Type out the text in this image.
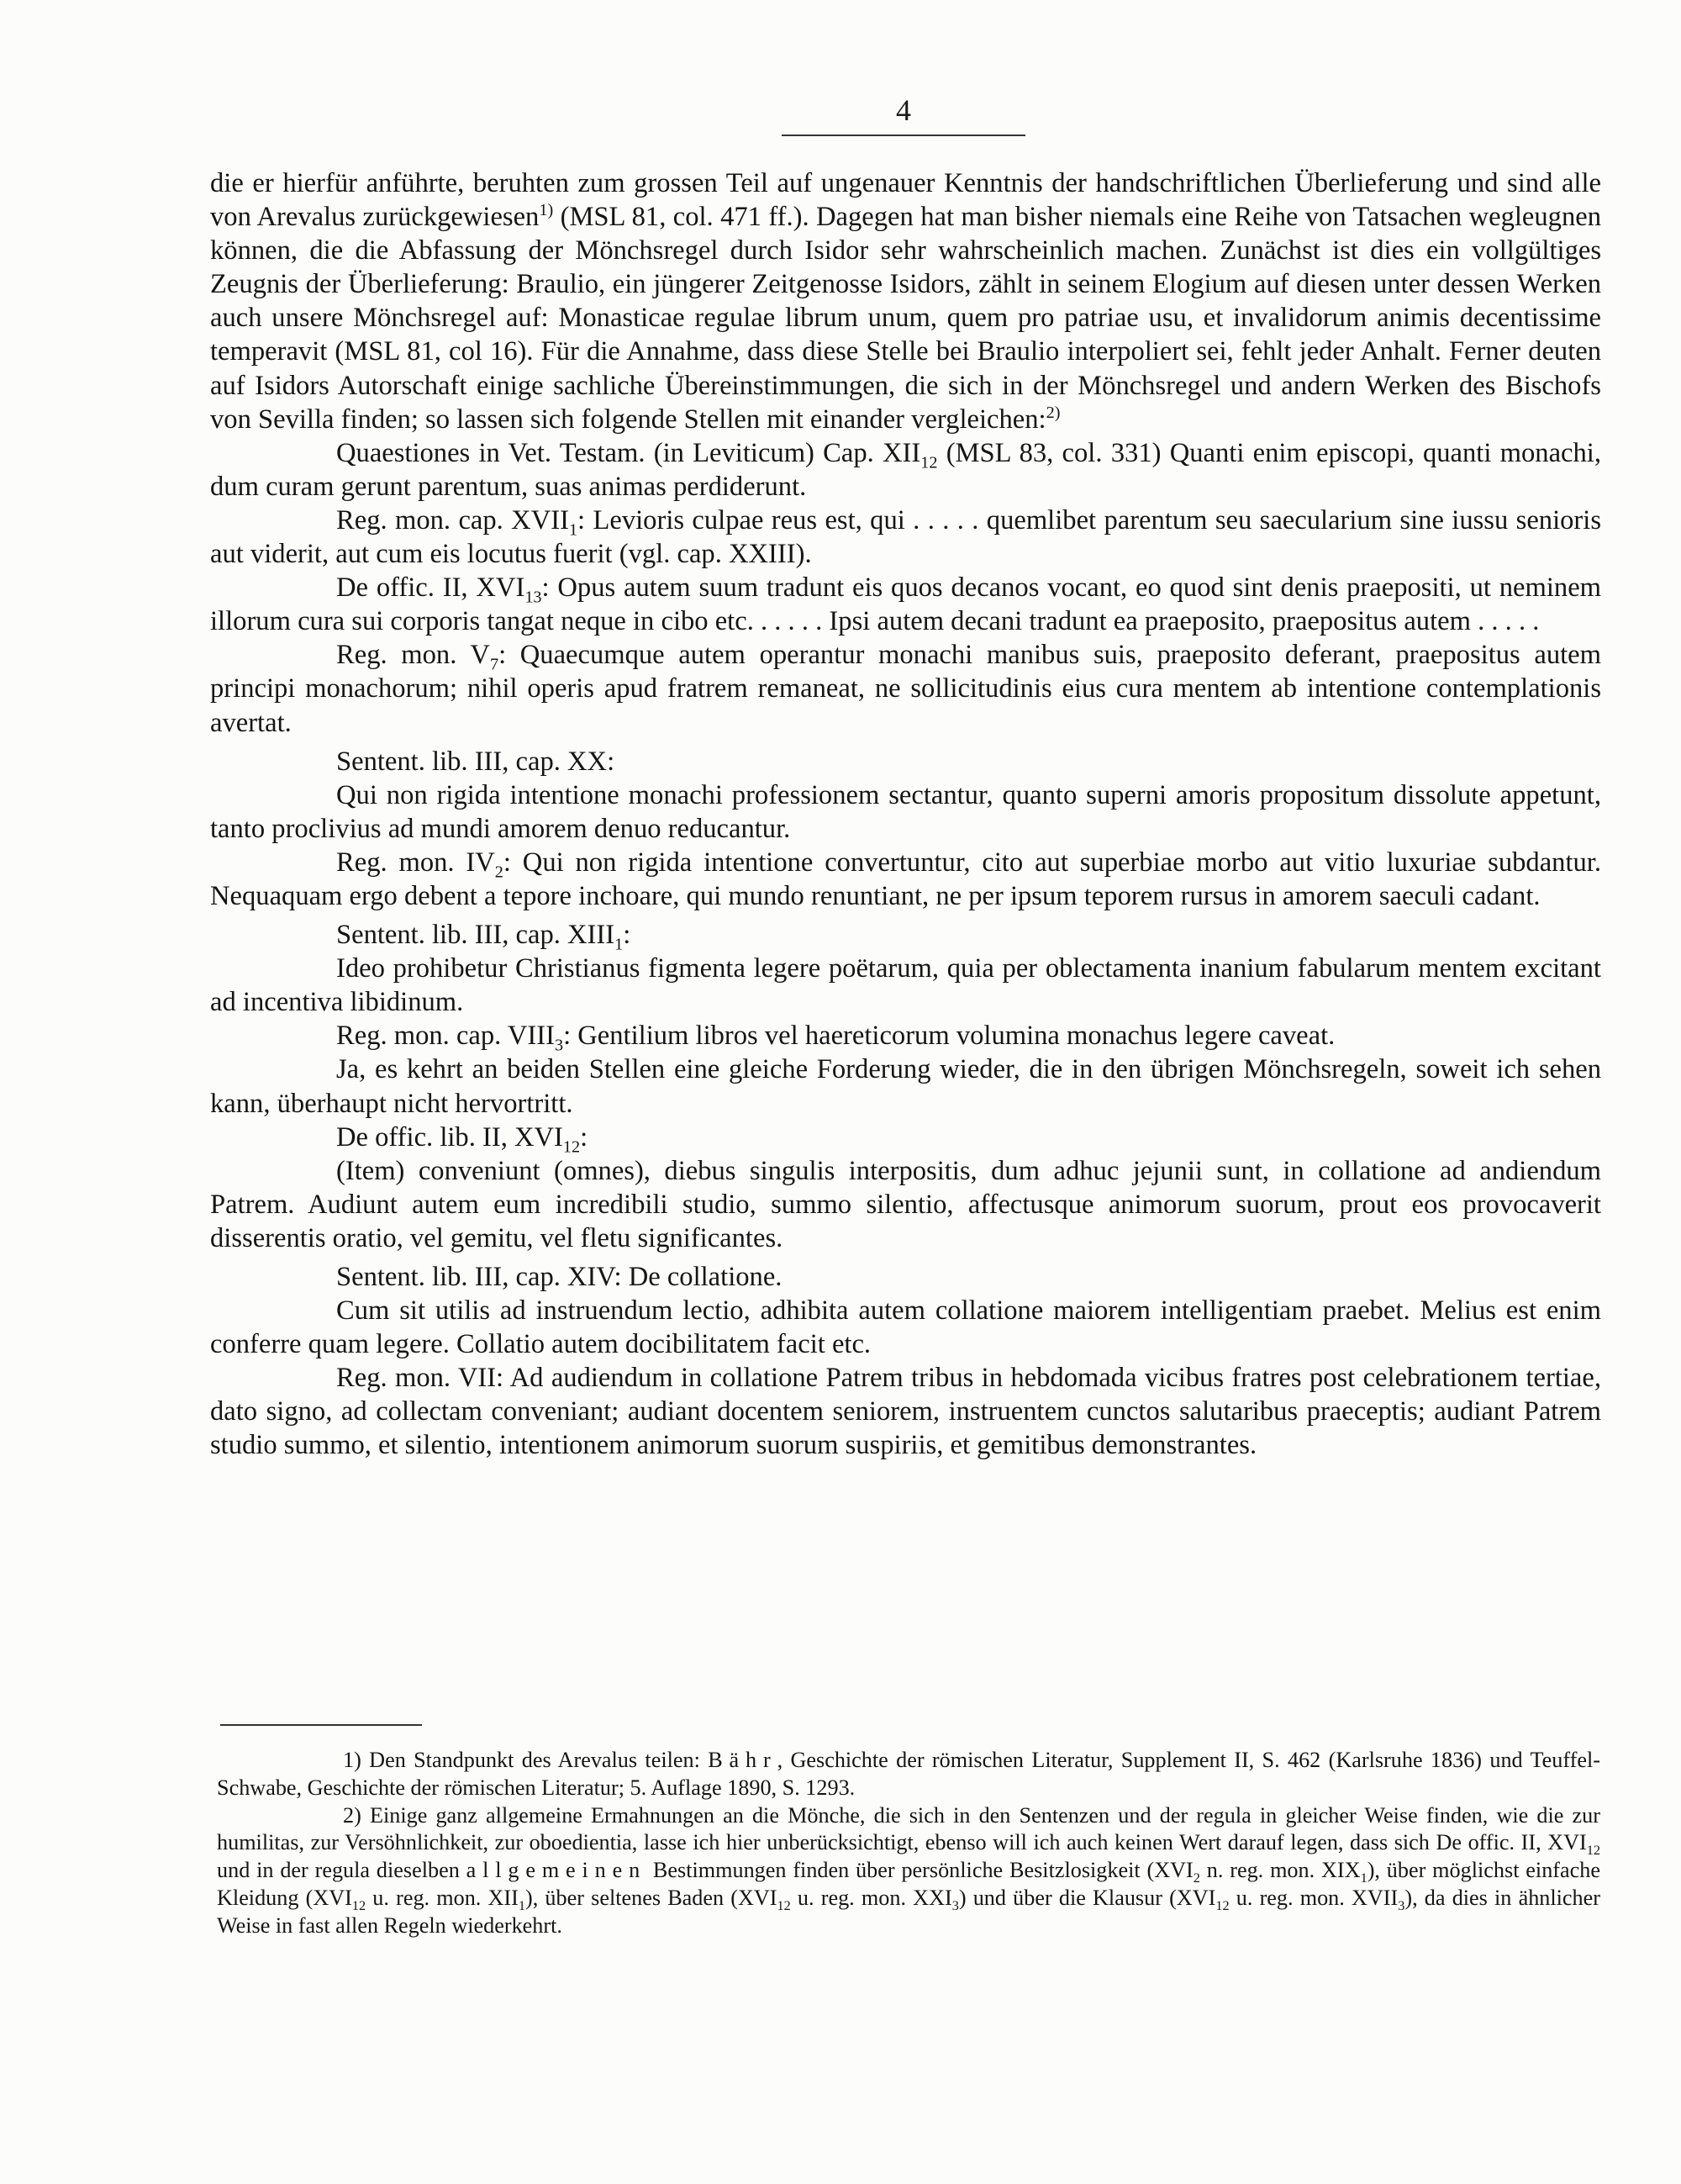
4

die er hierfür anführte, beruhten zum grossen Teil auf ungenauer Kenntnis der handschriftlichen Überlieferung und sind alle von Arevalus zurückgewiesen$^{1)}$ (MSL 81, col. 471 ff.). Dagegen hat man bisher niemals eine Reihe von Tatsachen wegleugnen können, die die Abfassung der Mönchsregel durch Isidor sehr wahrscheinlich machen. Zunächst ist dies ein vollgültiges Zeugnis der Überlieferung: Braulio, ein jüngerer Zeitgenosse Isidors, zählt in seinem Elogium auf diesen unter dessen Werken auch unsere Mönchsregel auf: Monasticae regulae librum unum, quem pro patriae usu, et invalidorum animis decentissime temperavit (MSL 81, col 16). Für die Annahme, dass diese Stelle bei Braulio interpoliert sei, fehlt jeder Anhalt. Ferner deuten auf Isidors Autorschaft einige sachliche Übereinstimmungen, die sich in der Mönchsregel und andern Werken des Bischofs von Sevilla finden; so lassen sich folgende Stellen mit einander vergleichen:$^{2)}$

Quaestiones in Vet. Testam. (in Leviticum) Cap. $XII_{12}$ (MSL 83, col. 331) Quanti enim episcopi, quanti monachi, dum curam gerunt parentum, suas animas perdiderunt.

Reg. mon. cap. $XVII_1$: Levioris culpae reus est, qui . . . . . quemlibet parentum seu saecularium sine iussu senioris aut viderit, aut cum eis locutus fuerit (vgl. cap. XXIII).

De offic. II, $XVI_{13}$: Opus autem suum tradunt eis quos decanos vocant, eo quod sint denis praepositi, ut neminem illorum cura sui corporis tangat neque in cibo etc. . . . . . Ipsi autem decani tradunt ea praeposito, praepositus autem . . . . .

Reg. mon. $V_7$: Quaecumque autem operantur monachi manibus suis, praeposito deferant, praepositus autem principi monachorum; nihil operis apud fratrem remaneat, ne sollicitudinis eius cura mentem ab intentione contemplationis avertat.

Sentent. lib. III, cap. XX:

Qui non rigida intentione monachi professionem sectantur, quanto superni amoris propositum dissolute appetunt, tanto proclivius ad mundi amorem denuo reducantur.

Reg. mon. $IV_2$: Qui non rigida intentione convertuntur, cito aut superbiae morbo aut vitio luxuriae subdantur. Nequaquam ergo debent a tepore inchoare, qui mundo renuntiant, ne per ipsum teporem rursus in amorem saeculi cadant.

Sentent. lib. III, cap. $XIII_1$:

Ideo prohibetur Christianus figmenta legere poëtarum, quia per oblectamenta inanium fabularum mentem excitant ad incentiva libidinum.

Reg. mon. cap. $VIII_3$: Gentilium libros vel haereticorum volumina monachus legere caveat.

Ja, es kehrt an beiden Stellen eine gleiche Forderung wieder, die in den übrigen Mönchsregeln, soweit ich sehen kann, überhaupt nicht hervortritt.

De offic. lib. II, $XVI_{12}$:

(Item) conveniunt (omnes), diebus singulis interpositis, dum adhuc jejunii sunt, in collatione ad andiendum Patrem. Audiunt autem eum incredibili studio, summo silentio, affectusque animorum suorum, prout eos provocaverit disserentis oratio, vel gemitu, vel fletu significantes.

Sentent. lib. III, cap. XIV: De collatione.

Cum sit utilis ad instruendum lectio, adhibita autem collatione maiorem intelligentiam praebet. Melius est enim conferre quam legere. Collatio autem docibilitatem facit etc.

Reg. mon. VII: Ad audiendum in collatione Patrem tribus in hebdomada vicibus fratres post celebrationem tertiae, dato signo, ad collectam conveniant; audiant docentem seniorem, instruentem cunctos salutaribus praeceptis; audiant Patrem studio summo, et silentio, intentionem animorum suorum suspiriis, et gemitibus demonstrantes.

1) Den Standpunkt des Arevalus teilen: Bähr, Geschichte der römischen Literatur, Supplement II, S. 462 (Karlsruhe 1836) und Teuffel-Schwabe, Geschichte der römischen Literatur; 5. Auflage 1890, S. 1293.

2) Einige ganz allgemeine Ermahnungen an die Mönche, die sich in den Sentenzen und der regula in gleicher Weise finden, wie die zur humilitas, zur Versöhnlichkeit, zur oboedientia, lasse ich hier unberücksichtigt, ebenso will ich auch keinen Wert darauf legen, dass sich De offic. II, $XVI_{12}$ und in der regula dieselben allgemeinen Bestimmungen finden über persönliche Besitzlosigkeit ($XVI_2$ n. reg. mon. $XIX_1$), über möglichst einfache Kleidung ($XVI_{12}$ u. reg. mon. $XII_1$), über seltenes Baden ($XVI_{12}$ u. reg. mon. $XXI_3$) und über die Klausur ($XVI_{12}$ u. reg. mon. $XVII_3$), da dies in ähnlicher Weise in fast allen Regeln wiederkehrt.
